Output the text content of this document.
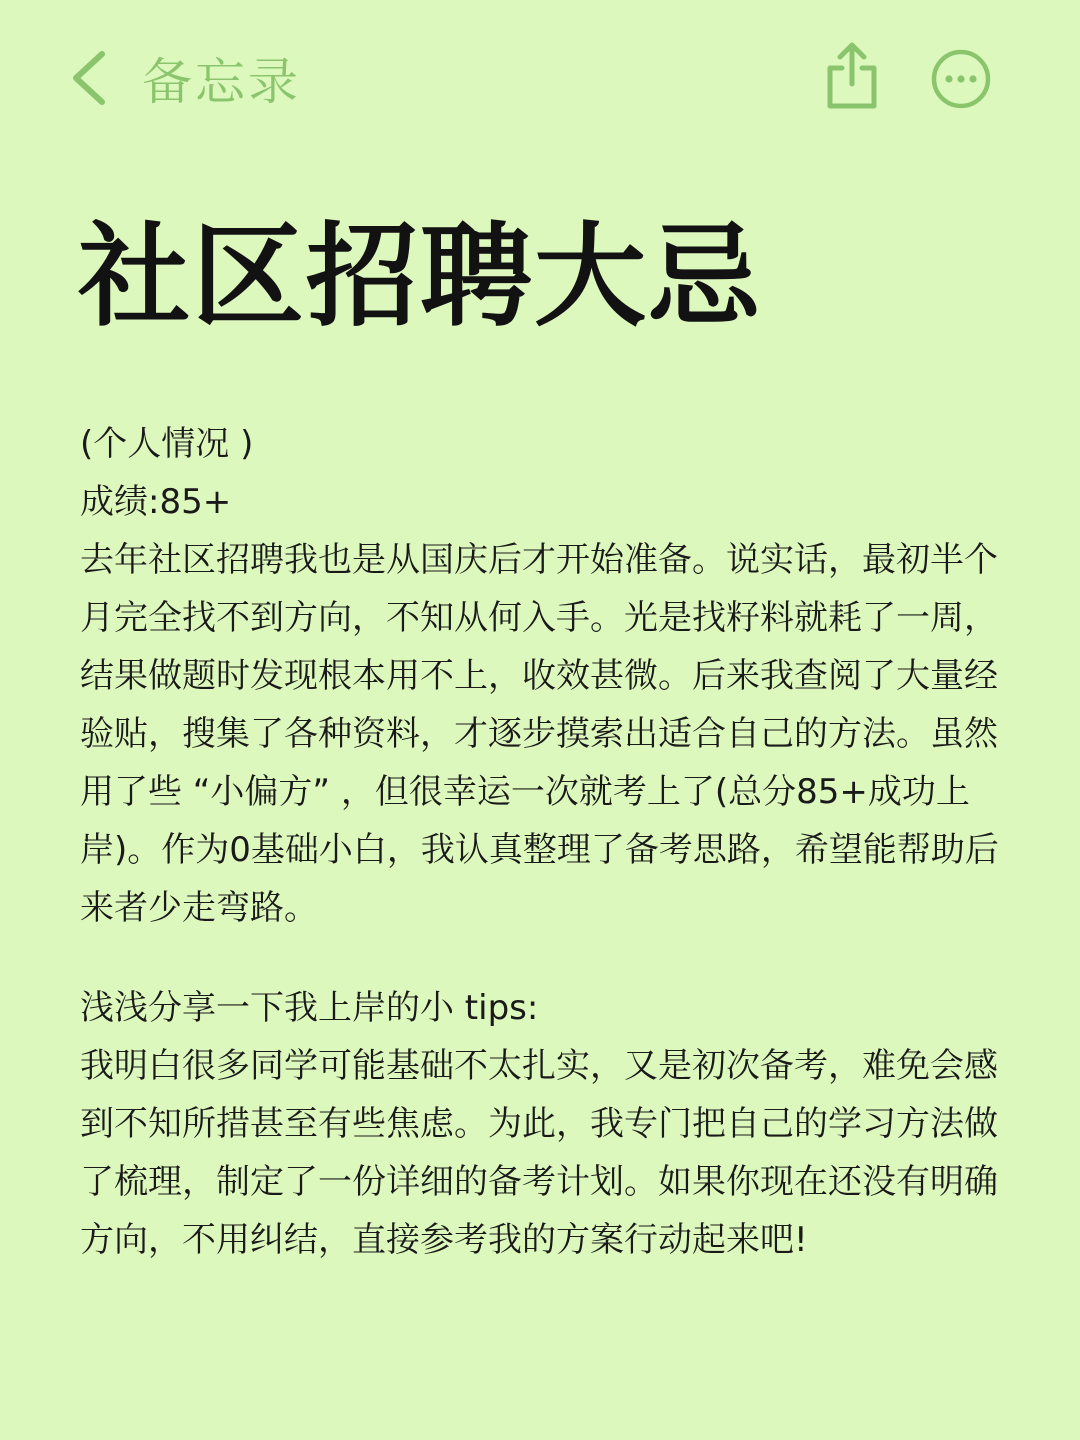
备忘录
社区招聘大忌

(个人情况 )

成绩:85+

去年社区招聘我也是从国庆后才开始准备。说实话，最初半个月完全找不到方向，不知从何入手。光是找籽料就耗了一周，结果做题时发现根本用不上，收效甚微。后来我查阅了大量经验贴，搜集了各种资料，才逐步摸索出适合自己的方法。虽然用了些 “小偏方” ，但很幸运一次就考上了(总分85+成功上岸)。作为0基础小白，我认真整理了备考思路，希望能帮助后来者少走弯路。

浅浅分享一下我上岸的小 tips:

我明白很多同学可能基础不太扎实，又是初次备考，难免会感到不知所措甚至有些焦虑。为此，我专门把自己的学习方法做了梳理，制定了一份详细的备考计划。如果你现在还没有明确方向，不用纠结，直接参考我的方案行动起来吧!
